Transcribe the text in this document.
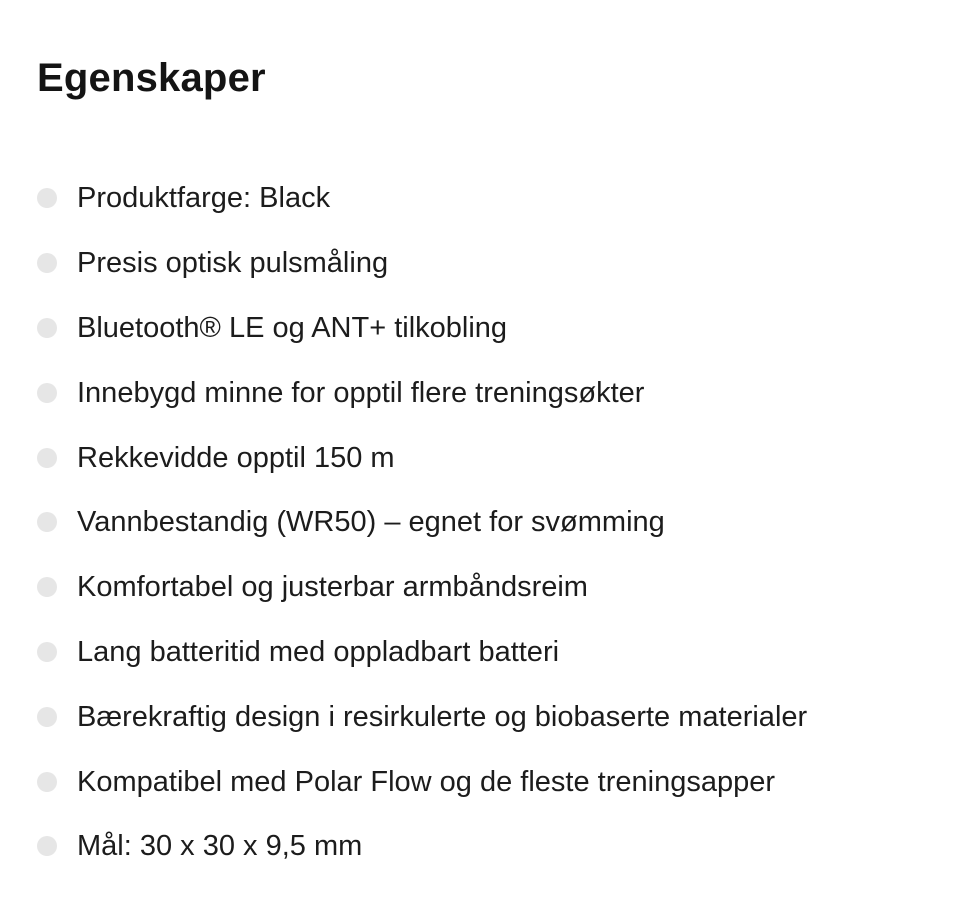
Egenskaper
Produktfarge: Black
Presis optisk pulsmåling
Bluetooth® LE og ANT+ tilkobling
Innebygd minne for opptil flere treningsøkter
Rekkevidde opptil 150 m
Vannbestandig (WR50) – egnet for svømming
Komfortabel og justerbar armbåndsreim
Lang batteritid med oppladbart batteri
Bærekraftig design i resirkulerte og biobaserte materialer
Kompatibel med Polar Flow og de fleste treningsapper
Mål: 30 x 30 x 9,5 mm
